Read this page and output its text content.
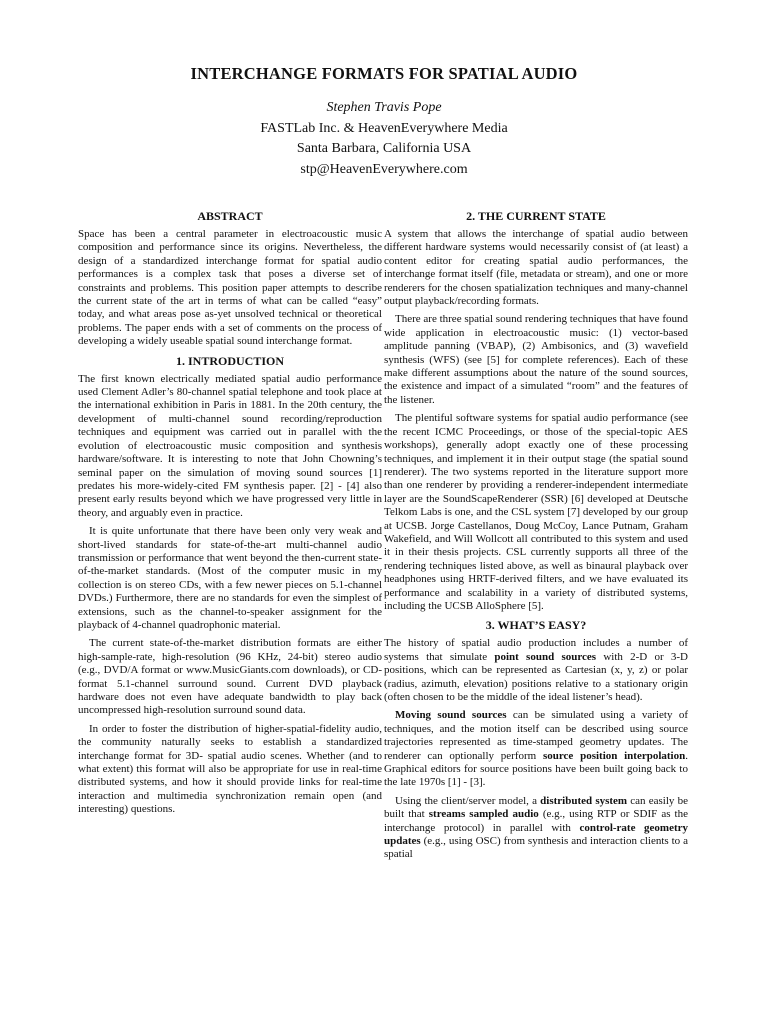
INTERCHANGE FORMATS FOR SPATIAL AUDIO
Stephen Travis Pope
FASTLab Inc. & HeavenEverywhere Media
Santa Barbara, California USA
stp@HeavenEverywhere.com
ABSTRACT

Space has been a central parameter in electroacoustic music composition and performance since its origins. Nevertheless, the design of a standardized interchange format for spatial audio performances is a complex task that poses a diverse set of constraints and problems. This position paper attempts to describe the current state of the art in terms of what can be called “easy” today, and what areas pose as-yet unsolved technical or theoretical problems. The paper ends with a set of comments on the process of developing a widely useable spatial sound interchange format.

1. INTRODUCTION

The first known electrically mediated spatial audio performance used Clement Adler’s 80-channel spatial telephone and took place at the international exhibition in Paris in 1881. In the 20th century, the development of multi-channel sound recording/reproduction techniques and equipment was carried out in parallel with the evolution of electroacoustic music composition and synthesis hardware/software. It is interesting to note that John Chowning’s seminal paper on the simulation of moving sound sources [1] predates his more-widely-cited FM synthesis paper. [2] - [4] also present early results beyond which we have progressed very little in theory, and arguably even in practice.

It is quite unfortunate that there have been only very weak and short-lived standards for state-of-the-art multi-channel audio transmission or performance that went beyond the then-current state-of-the-market standards. (Most of the computer music in my collection is on stereo CDs, with a few newer pieces on 5.1-channel DVDs.) Furthermore, there are no standards for even the simplest of extensions, such as the channel-to-speaker assignment for the playback of 4-channel quadrophonic material.

The current state-of-the-market distribution formats are either high-sample-rate, high-resolution (96 KHz, 24-bit) stereo audio (e.g., DVD/A format or www.MusicGiants.com downloads), or CD-format 5.1-channel surround sound. Current DVD playback hardware does not even have adequate bandwidth to play back uncompressed high-resolution surround sound data.

In order to foster the distribution of higher-spatial-fidelity audio, the community naturally seeks to establish a standardized interchange format for 3D- spatial audio scenes. Whether (and to what extent) this format will also be appropriate for use in real-time distributed systems, and how it should provide links for real-time interaction and multimedia synchronization remain open (and interesting) questions.

2. THE CURRENT STATE

A system that allows the interchange of spatial audio between different hardware systems would necessarily consist of (at least) a content editor for creating spatial audio performances, the interchange format itself (file, metadata or stream), and one or more renderers for the chosen spatialization techniques and many-channel output playback/recording formats.

There are three spatial sound rendering techniques that have found wide application in electroacoustic music: (1) vector-based amplitude panning (VBAP), (2) Ambisonics, and (3) wavefield synthesis (WFS) (see [5] for complete references). Each of these make different assumptions about the nature of the sound sources, the existence and impact of a simulated “room” and the features of the listener.

The plentiful software systems for spatial audio performance (see the recent ICMC Proceedings, or those of the special-topic AES workshops), generally adopt exactly one of these processing techniques, and implement it in their output stage (the spatial sound renderer). The two systems reported in the literature support more than one renderer by providing a renderer-independent intermediate layer are the SoundScapeRenderer (SSR) [6] developed at Deutsche Telkom Labs is one, and the CSL system [7] developed by our group at UCSB. Jorge Castellanos, Doug McCoy, Lance Putnam, Graham Wakefield, and Will Wollcott all contributed to this system and used it in their thesis projects. CSL currently supports all three of the rendering techniques listed above, as well as binaural playback over headphones using HRTF-derived filters, and we have evaluated its performance and scalability in a variety of distributed systems, including the UCSB AlloSphere [5].

3. WHAT’S EASY?

The history of spatial audio production includes a number of systems that simulate point sound sources with 2-D or 3-D positions, which can be represented as Cartesian (x, y, z) or polar (radius, azimuth, elevation) positions relative to a stationary origin (often chosen to be the middle of the ideal listener’s head).

Moving sound sources can be simulated using a variety of techniques, and the motion itself can be described using source trajectories represented as time-stamped geometry updates. The renderer can optionally perform source position interpolation. Graphical editors for source positions have been built going back to the late 1970s [1] - [3].

Using the client/server model, a distributed system can easily be built that streams sampled audio (e.g., using RTP or SDIF as the interchange protocol) in parallel with control-rate geometry updates (e.g., using OSC) from synthesis and interaction clients to a spatial
